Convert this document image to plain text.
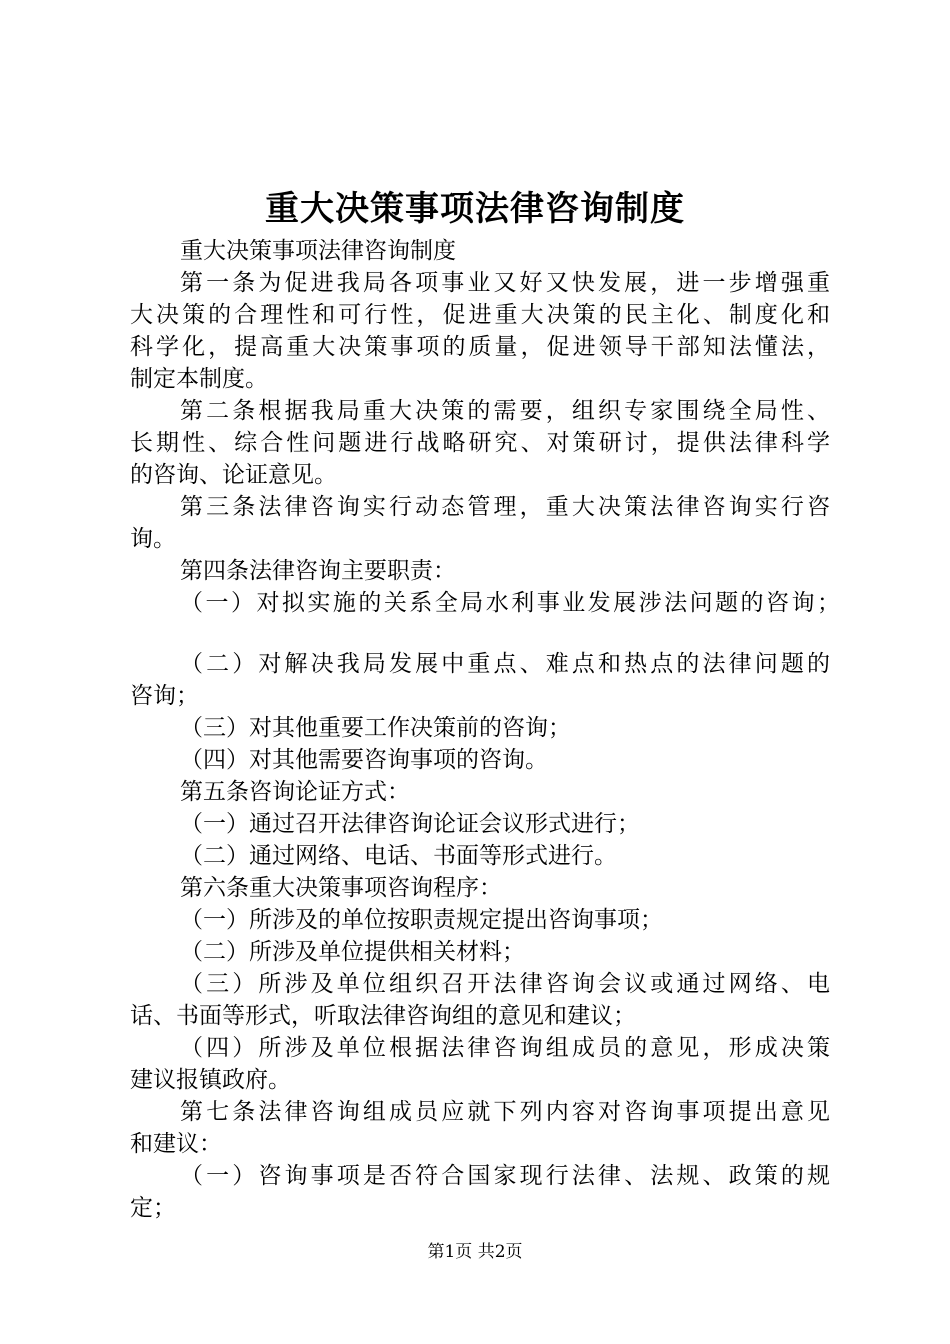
重大决策事项法律咨询制度
重大决策事项法律咨询制度
第一条为促进我局各项事业又好又快发展，进一步增强重
大决策的合理性和可行性，促进重大决策的民主化、制度化和
科学化，提高重大决策事项的质量，促进领导干部知法懂法，
制定本制度。
第二条根据我局重大决策的需要，组织专家围绕全局性、
长期性、综合性问题进行战略研究、对策研讨，提供法律科学
的咨询、论证意见。
第三条法律咨询实行动态管理，重大决策法律咨询实行咨
询。
第四条法律咨询主要职责：
（一）对拟实施的关系全局水利事业发展涉法问题的咨询；
（二）对解决我局发展中重点、难点和热点的法律问题的
咨询；
（三）对其他重要工作决策前的咨询；
（四）对其他需要咨询事项的咨询。
第五条咨询论证方式：
（一）通过召开法律咨询论证会议形式进行；
（二）通过网络、电话、书面等形式进行。
第六条重大决策事项咨询程序：
（一）所涉及的单位按职责规定提出咨询事项；
（二）所涉及单位提供相关材料；
（三）所涉及单位组织召开法律咨询会议或通过网络、电
话、书面等形式，听取法律咨询组的意见和建议；
（四）所涉及单位根据法律咨询组成员的意见，形成决策
建议报镇政府。
第七条法律咨询组成员应就下列内容对咨询事项提出意见
和建议：
（一）咨询事项是否符合国家现行法律、法规、政策的规
定；
第1页 共2页
